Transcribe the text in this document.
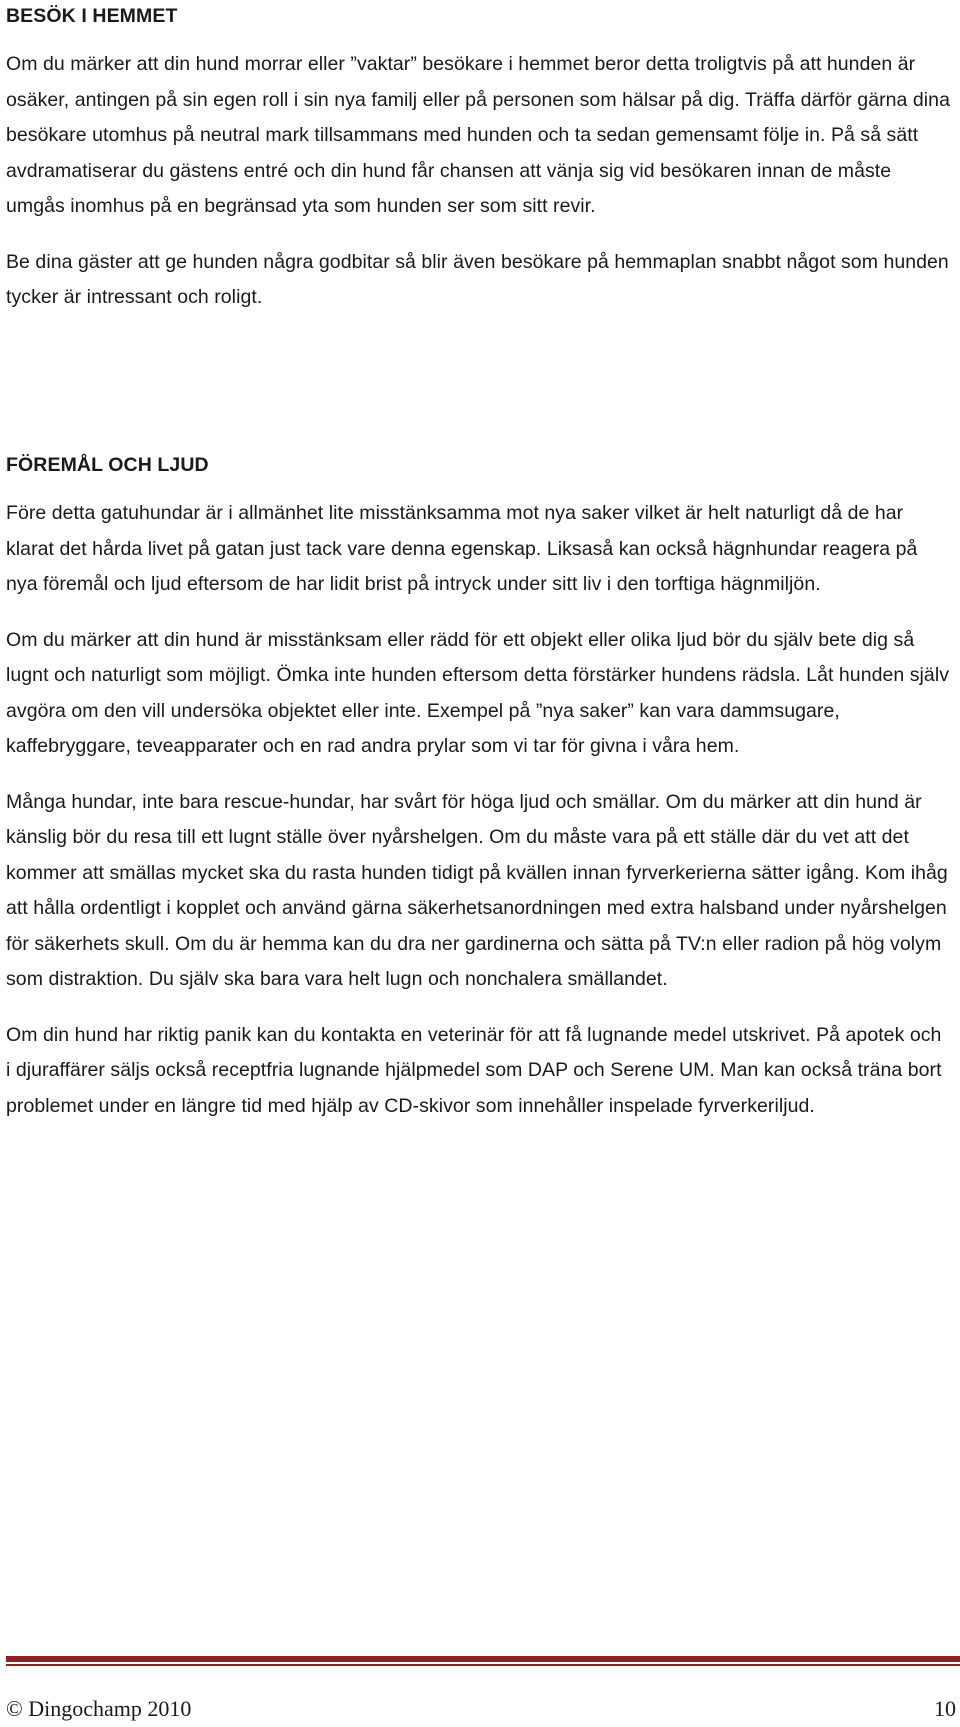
BESÖK I HEMMET

Om du märker att din hund morrar eller ”vaktar” besökare i hemmet beror detta troligtvis på att hunden är osäker, antingen på sin egen roll i sin nya familj eller på personen som hälsar på dig. Träffa därför gärna dina besökare utomhus på neutral mark tillsammans med hunden och ta sedan gemensamt följe in. På så sätt avdramatiserar du gästens entré och din hund får chansen att vänja sig vid besökaren innan de måste umgås inomhus på en begränsad yta som hunden ser som sitt revir.

Be dina gäster att ge hunden några godbitar så blir även besökare på hemmaplan snabbt något som hunden tycker är intressant och roligt.

FÖREMÅL OCH LJUD

Före detta gatuhundar är i allmänhet lite misstänksamma mot nya saker vilket är helt naturligt då de har klarat det hårda livet på gatan just tack vare denna egenskap. Liksaså kan också hägnhundar reagera på nya föremål och ljud eftersom de har lidit brist på intryck under sitt liv i den torftiga hägnmiljön.

Om du märker att din hund är misstänksam eller rädd för ett objekt eller olika ljud bör du själv bete dig så lugnt och naturligt som möjligt. Ömka inte hunden eftersom detta förstärker hundens rädsla. Låt hunden själv avgöra om den vill undersöka objektet eller inte. Exempel på ”nya saker” kan vara dammsugare, kaffebryggare, teveapparater och en rad andra prylar som vi tar för givna i våra hem.

Många hundar, inte bara rescue-hundar, har svårt för höga ljud och smällar. Om du märker att din hund är känslig bör du resa till ett lugnt ställe över nyårshelgen. Om du måste vara på ett ställe där du vet att det kommer att smällas mycket ska du rasta hunden tidigt på kvällen innan fyrverkerierna sätter igång. Kom ihåg att hålla ordentligt i kopplet och använd gärna säkerhetsanordningen med extra halsband under nyårshelgen för säkerhets skull. Om du är hemma kan du dra ner gardinerna och sätta på TV:n eller radion på hög volym som distraktion. Du själv ska bara vara helt lugn och nonchalera smällandet.

Om din hund har riktig panik kan du kontakta en veterinär för att få lugnande medel utskrivet. På apotek och i djuraffärer säljs också receptfria lugnande hjälpmedel som DAP och Serene UM. Man kan också träna bort problemet under en längre tid med hjälp av CD-skivor som innehåller inspelade fyrverkeriljud.

© Dingochamp 2010	10
